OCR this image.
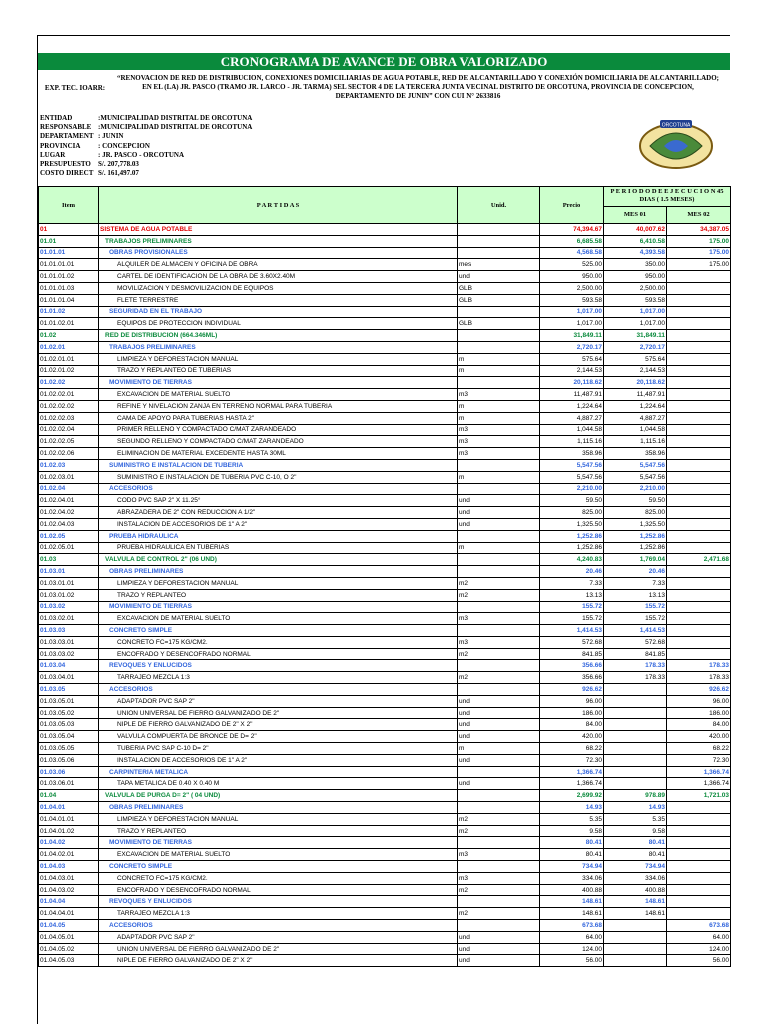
CRONOGRAMA DE AVANCE DE OBRA VALORIZADO
EXP. TEC. IOARR:
“RENOVACION DE RED DE DISTRIBUCION, CONEXIONES DOMICILIARIAS DE AGUA POTABLE, RED DE ALCANTARILLADO Y CONEXIÓN DOMICILIARIA DE ALCANTARILLADO; EN EL (LA) JR. PASCO (TRAMO JR. LARCO - JR. TARMA) SEL SECTOR 4 DE LA TERCERA JUNTA VECINAL DISTRITO DE ORCOTUNA, PROVINCIA DE CONCEPCION, DEPARTAMENTO DE JUNIN” CON CUI N° 2633816
ENTIDAD	:MUNICIPALIDAD DISTRITAL DE ORCOTUNA
RESPONSABLE :MUNICIPALIDAD DISTRITAL DE ORCOTUNA
DEPARTAMENT : JUNIN
PROVINCIA	: CONCEPCION
LUGAR	: JR. PASCO - ORCOTUNA
PRESUPUESTO S/. 207,778.03
COSTO DIRECT S/. 161,497.07
ORCOTUNA
Item	P A R T I D A S	Unid.	Precio	P E R I O D O D E E J E C U C I O N 45 DIAS ( 1.5 MESES)	
				MES 01	MES 02
01	SISTEMA DE AGUA POTABLE		74,394.67	40,007.62	34,387.05
01.01	TRABAJOS PRELIMINARES		6,685.58	6,410.58	175.00
01.01.01	OBRAS PROVISIONALES		4,568.58	4,393.58	175.00
01.01.01.01	ALQUILER DE ALMACEN Y OFICINA DE OBRA	mes	525.00	350.00	175.00
01.01.01.02	CARTEL DE IDENTIFICACION DE LA OBRA DE 3.60X2.40M	und	950.00	950.00	
01.01.01.03	MOVILIZACION Y DESMOVILIZACION DE EQUIPOS	GLB	2,500.00	2,500.00	
01.01.01.04	FLETE TERRESTRE	GLB	593.58	593.58	
01.01.02	SEGURIDAD EN EL TRABAJO		1,017.00	1,017.00	
01.01.02.01	EQUIPOS DE PROTECCION INDIVIDUAL	GLB	1,017.00	1,017.00	
01.02	RED DE DISTRIBUCION (664.346ML)		31,849.11	31,849.11	
01.02.01	TRABAJOS PRELIMINARES		2,720.17	2,720.17	
01.02.01.01	LIMPIEZA Y DEFORESTACION MANUAL	m	575.64	575.64	
01.02.01.02	TRAZO Y REPLANTEO DE TUBERIAS	m	2,144.53	2,144.53	
01.02.02	MOVIMIENTO DE TIERRAS		20,118.62	20,118.62	
01.02.02.01	EXCAVACION DE MATERIAL SUELTO	m3	11,487.91	11,487.91	
01.02.02.02	REFINE Y NIVELACION ZANJA EN TERRENO NORMAL PARA TUBERIA	m	1,224.64	1,224.64	
01.02.02.03	CAMA DE APOYO PARA TUBERIAS HASTA 2"	m	4,887.27	4,887.27	
01.02.02.04	PRIMER RELLENO Y COMPACTADO C/MAT ZARANDEADO	m3	1,044.58	1,044.58	
01.02.02.05	SEGUNDO RELLENO Y COMPACTADO C/MAT ZARANDEADO	m3	1,115.16	1,115.16	
01.02.02.06	ELIMINACION DE MATERIAL EXCEDENTE HASTA 30ML	m3	358.96	358.96	
01.02.03	SUMINISTRO E INSTALACION DE TUBERIA		5,547.56	5,547.56	
01.02.03.01	SUMINISTRO E INSTALACION DE TUBERIA PVC C-10, O 2"	m	5,547.56	5,547.56	
01.02.04	ACCESORIOS		2,210.00	2,210.00	
01.02.04.01	CODO PVC SAP 2" X 11.25°	und	59.50	59.50	
01.02.04.02	ABRAZADERA DE 2" CON REDUCCION A 1/2"	und	825.00	825.00	
01.02.04.03	INSTALACION DE ACCESORIOS DE 1" A 2"	und	1,325.50	1,325.50	
01.02.05	PRUEBA HIDRAULICA		1,252.86	1,252.86	
01.02.05.01	PRUEBA HIDRAULICA EN TUBERIAS	m	1,252.86	1,252.86	
01.03	VALVULA DE CONTROL 2" (06 UND)		4,240.83	1,769.04	2,471.68
01.03.01	OBRAS PRELIMINARES		20.46	20.46	
01.03.01.01	LIMPIEZA Y DEFORESTACION MANUAL	m2	7.33	7.33	
01.03.01.02	TRAZO Y REPLANTEO	m2	13.13	13.13	
01.03.02	MOVIMIENTO DE TIERRAS		155.72	155.72	
01.03.02.01	EXCAVACION DE MATERIAL SUELTO	m3	155.72	155.72	
01.03.03	CONCRETO SIMPLE		1,414.53	1,414.53	
01.03.03.01	CONCRETO FC=175 KG/CM2.	m3	572.68	572.68	
01.03.03.02	ENCOFRADO Y DESENCOFRADO NORMAL	m2	841.85	841.85	
01.03.04	REVOQUES Y ENLUCIDOS		356.66	178.33	178.33
01.03.04.01	TARRAJEO MEZCLA 1:3	m2	356.66	178.33	178.33
01.03.05	ACCESORIOS		926.62		926.62
01.03.05.01	ADAPTADOR PVC SAP 2"	und	96.00		96.00
01.03.05.02	UNION UNIVERSAL DE FIERRO GALVANIZADO DE 2"	und	186.00		186.00
01.03.05.03	NIPLE DE FIERRO GALVANIZADO DE 2" X 2"	und	84.00		84.00
01.03.05.04	VALVULA COMPUERTA DE BRONCE DE D= 2"	und	420.00		420.00
01.03.05.05	TUBERIA PVC SAP C-10 D= 2"	m	68.22		68.22
01.03.05.06	INSTALACION DE ACCESORIOS DE 1" A 2"	und	72.30		72.30
01.03.06	CARPINTERIA METALICA		1,366.74		1,366.74
01.03.06.01	TAPA METALICA DE 0.40 X 0.40 M	und	1,366.74		1,366.74
01.04	VALVULA DE PURGA D= 2" ( 04 UND)		2,699.92	978.89	1,721.03
01.04.01	OBRAS PRELIMINARES		14.93	14.93	
01.04.01.01	LIMPIEZA Y DEFORESTACION MANUAL	m2	5.35	5.35	
01.04.01.02	TRAZO Y REPLANTEO	m2	9.58	9.58	
01.04.02	MOVIMIENTO DE TIERRAS		80.41	80.41	
01.04.02.01	EXCAVACION DE MATERIAL SUELTO	m3	80.41	80.41	
01.04.03	CONCRETO SIMPLE		734.94	734.94	
01.04.03.01	CONCRETO FC=175 KG/CM2.	m3	334.06	334.06	
01.04.03.02	ENCOFRADO Y DESENCOFRADO NORMAL	m2	400.88	400.88	
01.04.04	REVOQUES Y ENLUCIDOS		148.61	148.61	
01.04.04.01	TARRAJEO MEZCLA 1:3	m2	148.61	148.61	
01.04.05	ACCESORIOS		673.68		673.68
01.04.05.01	ADAPTADOR PVC SAP 2"	und	64.00		64.00
01.04.05.02	UNION UNIVERSAL DE FIERRO GALVANIZADO DE 2"	und	124.00		124.00
01.04.05.03	NIPLE DE FIERRO GALVANIZADO DE 2" X 2"	und	56.00		56.00
